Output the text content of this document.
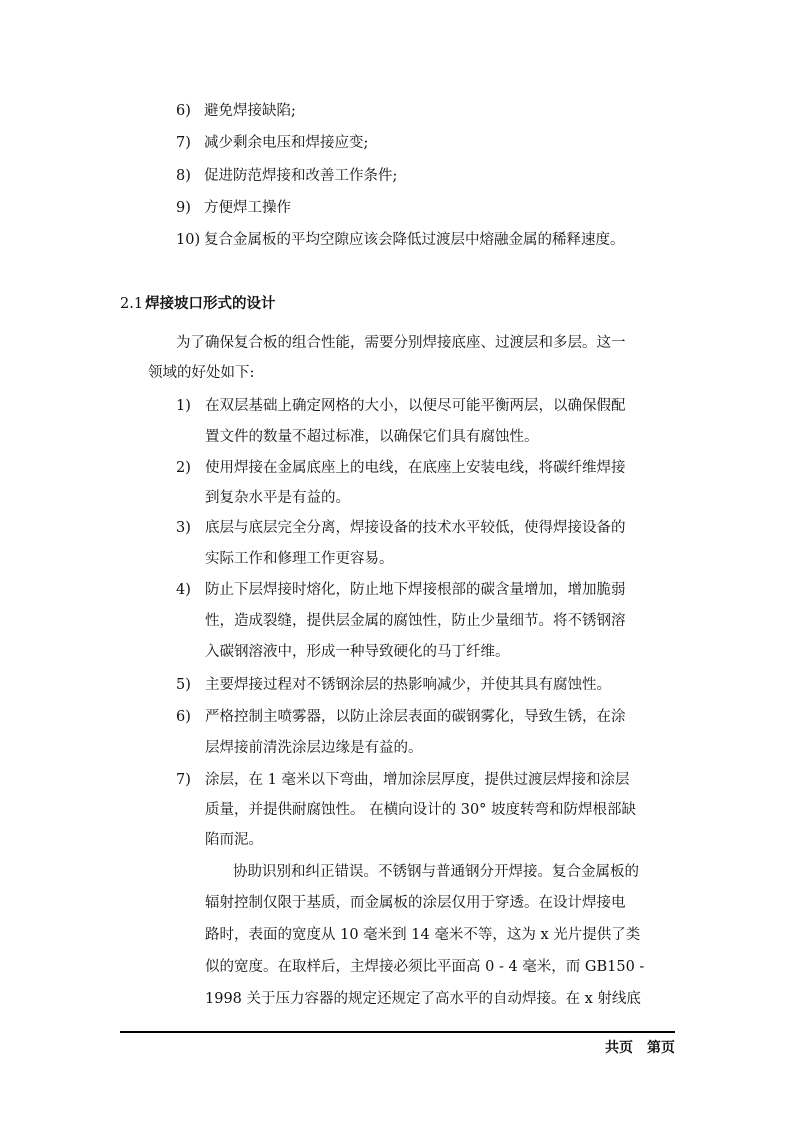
6) 避免焊接缺陷;
7) 减少剩余电压和焊接应变;
8) 促进防范焊接和改善工作条件;
9) 方便焊工操作
10) 复合金属板的平均空隙应该会降低过渡层中熔融金属的稀释速度。
2.1 焊接坡口形式的设计
为了确保复合板的组合性能，需要分别焊接底座、过渡层和多层。这一
领域的好处如下:
1) 在双层基础上确定网格的大小，以便尽可能平衡两层，以确保假配
置文件的数量不超过标准，以确保它们具有腐蚀性。
2) 使用焊接在金属底座上的电线，在底座上安装电线，将碳纤维焊接
到复杂水平是有益的。
3) 底层与底层完全分离，焊接设备的技术水平较低，使得焊接设备的
实际工作和修理工作更容易。
4) 防止下层焊接时熔化，防止地下焊接根部的碳含量增加，增加脆弱
性，造成裂缝，提供层金属的腐蚀性，防止少量细节。将不锈钢溶
入碳钢溶液中，形成一种导致硬化的马丁纤维。
5) 主要焊接过程对不锈钢涂层的热影响减少，并使其具有腐蚀性。
6) 严格控制主喷雾器，以防止涂层表面的碳钢雾化，导致生锈，在涂
层焊接前清洗涂层边缘是有益的。
7) 涂层，在 1 毫米以下弯曲，增加涂层厚度，提供过渡层焊接和涂层
质量，并提供耐腐蚀性。 在横向设计的 30° 坡度转弯和防焊根部缺
陷而泥。
协助识别和纠正错误。不锈钢与普通钢分开焊接。复合金属板的
辐射控制仅限于基质，而金属板的涂层仅用于穿透。在设计焊接电
路时，表面的宽度从 10 毫米到 14 毫米不等，这为 x 光片提供了类
似的宽度。在取样后，主焊接必须比平面高 0 - 4 毫米，而 GB150 -
1998 关于压力容器的规定还规定了高水平的自动焊接。在 x 射线底
共页 第页
